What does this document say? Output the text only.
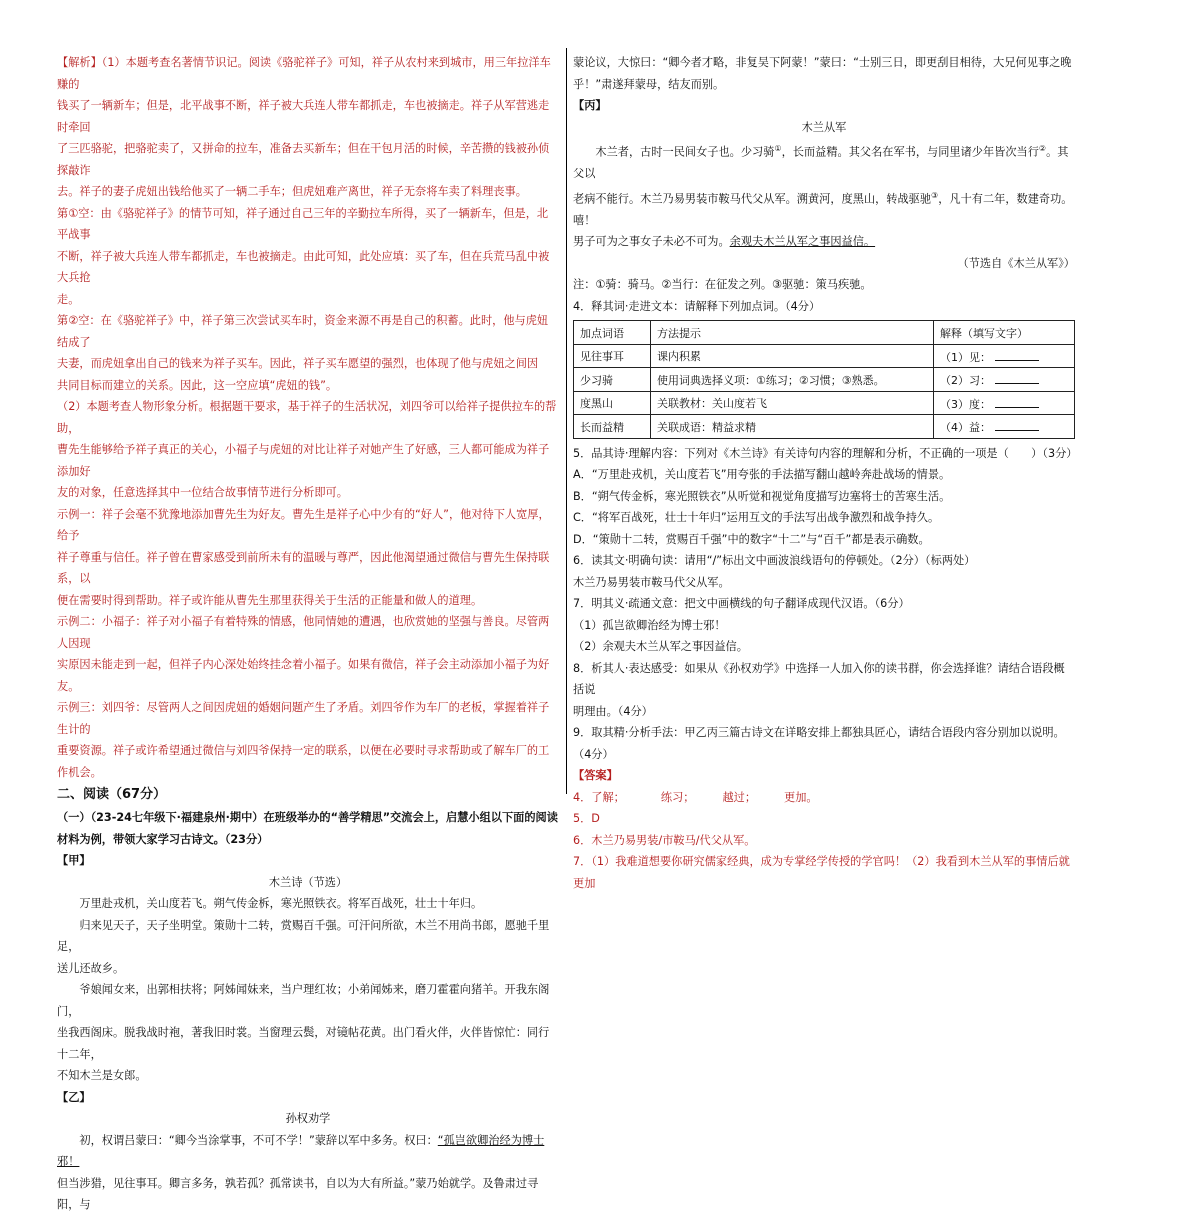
【解析】（1）本题考查名著情节识记。阅读《骆驼祥子》可知，祥子从农村来到城市，用三年拉洋车赚的

钱买了一辆新车；但是，北平战事不断，祥子被大兵连人带车都抓走，车也被摘走。祥子从军营逃走时牵回

了三匹骆驼，把骆驼卖了，又拼命的拉车，准备去买新车；但在干包月活的时候，辛苦攒的钱被孙侦探敲诈

去。祥子的妻子虎妞出钱给他买了一辆二手车；但虎妞难产离世，祥子无奈将车卖了料理丧事。

第①空：由《骆驼祥子》的情节可知，祥子通过自己三年的辛勤拉车所得，买了一辆新车，但是，北平战事

不断，祥子被大兵连人带车都抓走，车也被摘走。由此可知，此处应填：买了车，但在兵荒马乱中被大兵抢

走。

第②空：在《骆驼祥子》中，祥子第三次尝试买车时，资金来源不再是自己的积蓄。此时，他与虎妞结成了

夫妻，而虎妞拿出自己的钱来为祥子买车。因此，祥子买车愿望的强烈，也体现了他与虎妞之间因

共同目标而建立的关系。因此，这一空应填“虎妞的钱”。

（2）本题考查人物形象分析。根据题干要求，基于祥子的生活状况，刘四爷可以给祥子提供拉车的帮助，

曹先生能够给予祥子真正的关心，小福子与虎妞的对比让祥子对她产生了好感，三人都可能成为祥子添加好

友的对象，任意选择其中一位结合故事情节进行分析即可。

示例一：祥子会毫不犹豫地添加曹先生为好友。曹先生是祥子心中少有的“好人”，他对待下人宽厚，给予

祥子尊重与信任。祥子曾在曹家感受到前所未有的温暖与尊严，因此他渴望通过微信与曹先生保持联系，以

便在需要时得到帮助。祥子或许能从曹先生那里获得关于生活的正能量和做人的道理。

示例二：小福子：祥子对小福子有着特殊的情感，他同情她的遭遇，也欣赏她的坚强与善良。尽管两人因现

实原因未能走到一起，但祥子内心深处始终挂念着小福子。如果有微信，祥子会主动添加小福子为好友。

示例三：刘四爷：尽管两人之间因虎妞的婚姻问题产生了矛盾。刘四爷作为车厂的老板，掌握着祥子生计的

重要资源。祥子或许希望通过微信与刘四爷保持一定的联系，以便在必要时寻求帮助或了解车厂的工作机会。

二、阅读（67分）

（一）（23-24七年级下·福建泉州·期中）在班级举办的“善学精思”交流会上，启慧小组以下面的阅读

材料为例，带领大家学习古诗文。（23分）

【甲】

木兰诗（节选）

万里赴戎机，关山度若飞。朔气传金柝，寒光照铁衣。将军百战死，壮士十年归。

归来见天子，天子坐明堂。策勋十二转，赏赐百千强。可汗问所欲，木兰不用尚书郎，愿驰千里足，

送儿还故乡。

爷娘闻女来，出郭相扶将；阿姊闻妹来，当户理红妆；小弟闻姊来，磨刀霍霍向猪羊。开我东阁门，

坐我西阁床。脱我战时袍，著我旧时裳。当窗理云鬓，对镜帖花黄。出门看火伴，火伴皆惊忙：同行十二年，

不知木兰是女郎。

【乙】

孙权劝学

初，权谓吕蒙曰：“卿今当涂掌事，不可不学！”蒙辞以军中多务。权曰：“孤岂欲卿治经为博士邪！

但当涉猎，见往事耳。卿言多务，孰若孤？孤常读书，自以为大有所益。”蒙乃始就学。及鲁肃过寻阳，与

蒙论议，大惊曰：“卿今者才略，非复吴下阿蒙！”蒙曰：“士别三日，即更刮目相待，大兄何见事之晚

乎！”肃遂拜蒙母，结友而别。

【丙】

木兰从军

木兰者，古时一民间女子也。少习骑①，长而益精。其父名在军书，与同里诸少年皆次当行②。其父以

老病不能行。木兰乃易男装市鞍马代父从军。溯黄河，度黑山，转战驱驰③，凡十有二年，数建奇功。嘻！

男子可为之事女子未必不可为。余观夫木兰从军之事因益信。

（节选自《木兰从军》）

注：①骑：骑马。②当行：在征发之列。③驱驰：策马疾驰。

4．释其词·走进文本：请解释下列加点词。（4分）

加点词语	方法提示	解释（填写文字）
见往事耳	课内积累	（1）见：
少习骑	使用词典选择义项：①练习；②习惯；③熟悉。	（2）习：
度黑山	关联教材：关山度若飞	（3）度：
长而益精	关联成语：精益求精	（4）益：

5．品其诗·理解内容：下列对《木兰诗》有关诗句内容的理解和分析，不正确的一项是（　　）（3分）

A．“万里赴戎机，关山度若飞”用夸张的手法描写翻山越岭奔赴战场的情景。

B．“朔气传金柝，寒光照铁衣”从听觉和视觉角度描写边塞将士的苦寒生活。

C．“将军百战死，壮士十年归”运用互文的手法写出战争激烈和战争持久。

D．“策勋十二转，赏赐百千强”中的数字“十二”与“百千”都是表示确数。

6．读其文·明确句读：请用“/”标出文中画波浪线语句的停顿处。（2分）（标两处）

木兰乃易男装市鞍马代父从军。

7．明其义·疏通文意：把文中画横线的句子翻译成现代汉语。（6分）

（1）孤岂欲卿治经为博士邪！

（2）余观夫木兰从军之事因益信。

8．析其人·表达感受：如果从《孙权劝学》中选择一人加入你的读书群，你会选择谁？请结合语段概括说

明理由。（4分）

9．取其精·分析手法：甲乙丙三篇古诗文在详略安排上都独具匠心，请结合语段内容分别加以说明。（4分）

【答案】

4．了解；	练习；	越过；	更加。

5．D

6．木兰乃易男装/市鞍马/代父从军。

7．（1）我难道想要你研究儒家经典，成为专掌经学传授的学官吗！（2）我看到木兰从军的事情后就更加
